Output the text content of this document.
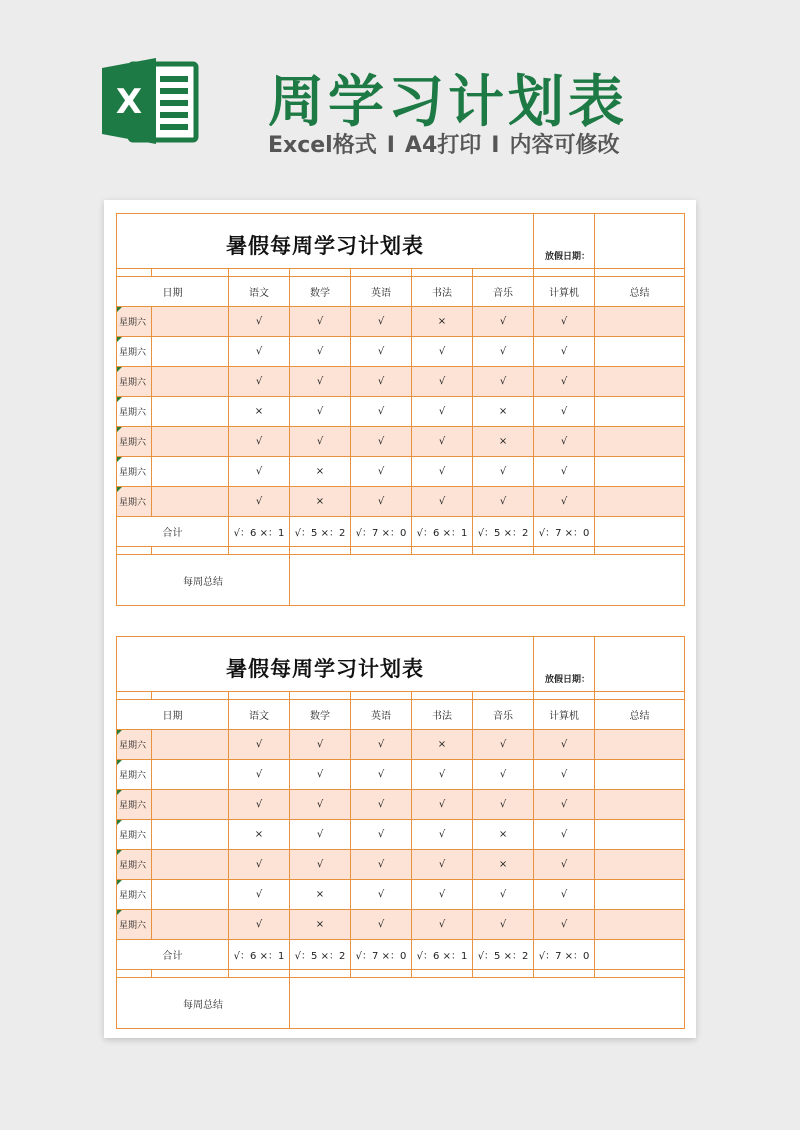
X 周学习计划表
Excel格式 I A4打印 I 内容可修改
暑假每周学习计划表							放假日期：	

日期		语文	数学	英语	书法	音乐	计算机	总结
星期六		√	√	√	×	√	√	
星期六		√	√	√	√	√	√	
星期六		√	√	√	√	√	√	
星期六		×	√	√	√	×	√	
星期六		√	√	√	√	×	√	
星期六		√	×	√	√	√	√	
星期六		√	×	√	√	√	√	
合计		√：6 ×：1	√：5 ×：2	√：7 ×：0	√：6 ×：1	√：5 ×：2	√：7 ×：0	

每周总结								
暑假每周学习计划表							放假日期：	

日期		语文	数学	英语	书法	音乐	计算机	总结
星期六		√	√	√	×	√	√	
星期六		√	√	√	√	√	√	
星期六		√	√	√	√	√	√	
星期六		×	√	√	√	×	√	
星期六		√	√	√	√	×	√	
星期六		√	×	√	√	√	√	
星期六		√	×	√	√	√	√	
合计		√：6 ×：1	√：5 ×：2	√：7 ×：0	√：6 ×：1	√：5 ×：2	√：7 ×：0	

每周总结								
